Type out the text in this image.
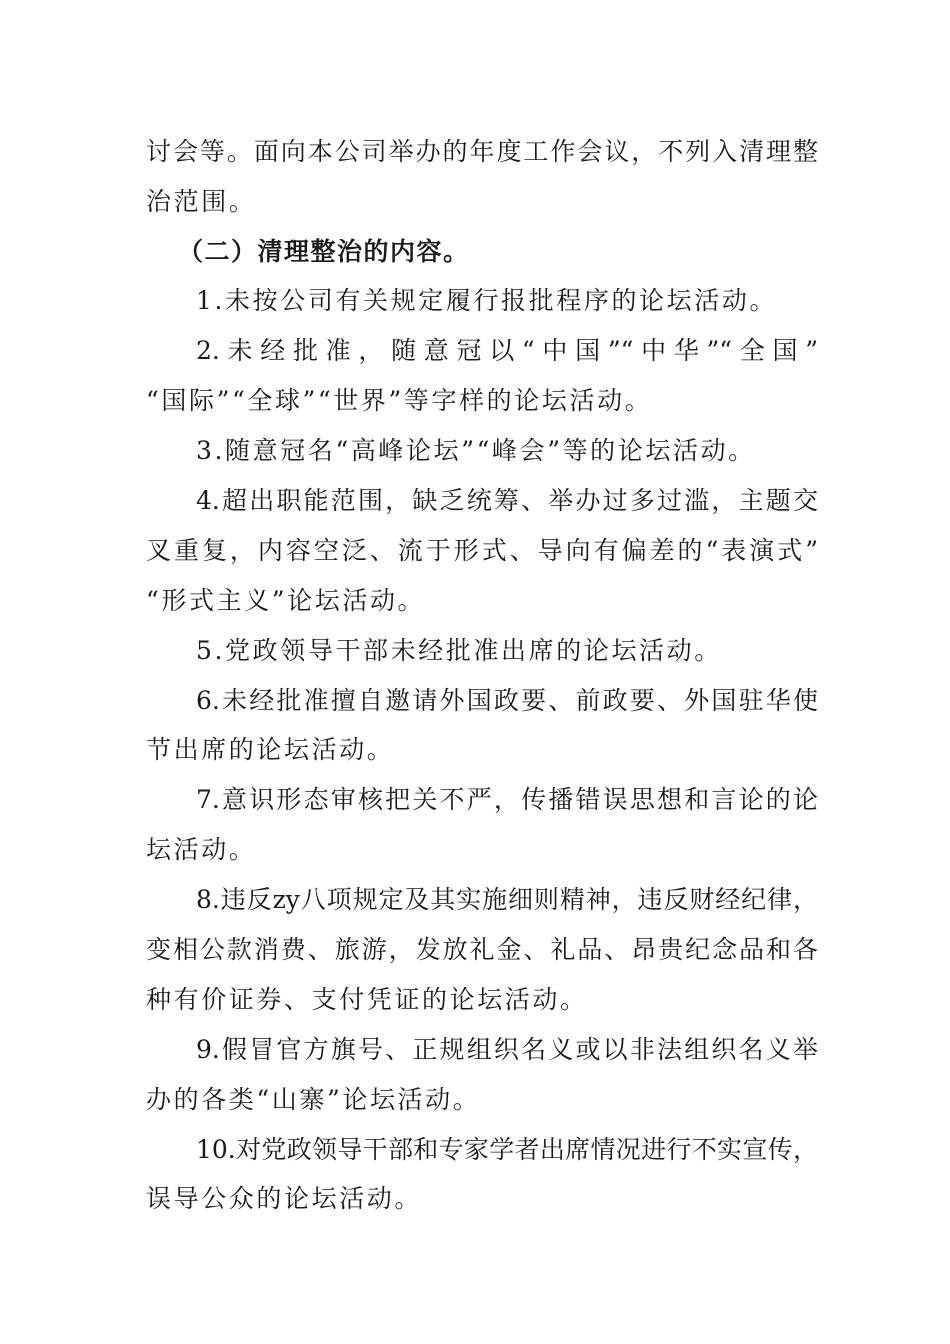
讨会等。面向本公司举办的年度工作会议，不列入清理整
治范围。
（二）清理整治的内容。
1.未按公司有关规定履行报批程序的论坛活动。
2.未经批准，随意冠以“中国”“中华”“全国”
“国际”“全球”“世界”等字样的论坛活动。
3.随意冠名“高峰论坛”“峰会”等的论坛活动。
4.超出职能范围，缺乏统筹、举办过多过滥，主题交
叉重复，内容空泛、流于形式、导向有偏差的“表演式”
“形式主义”论坛活动。
5.党政领导干部未经批准出席的论坛活动。
6.未经批准擅自邀请外国政要、前政要、外国驻华使
节出席的论坛活动。
7.意识形态审核把关不严，传播错误思想和言论的论
坛活动。
8.违反zy八项规定及其实施细则精神，违反财经纪律，
变相公款消费、旅游，发放礼金、礼品、昂贵纪念品和各
种有价证券、支付凭证的论坛活动。
9.假冒官方旗号、正规组织名义或以非法组织名义举
办的各类“山寨”论坛活动。
10.对党政领导干部和专家学者出席情况进行不实宣传，
误导公众的论坛活动。
